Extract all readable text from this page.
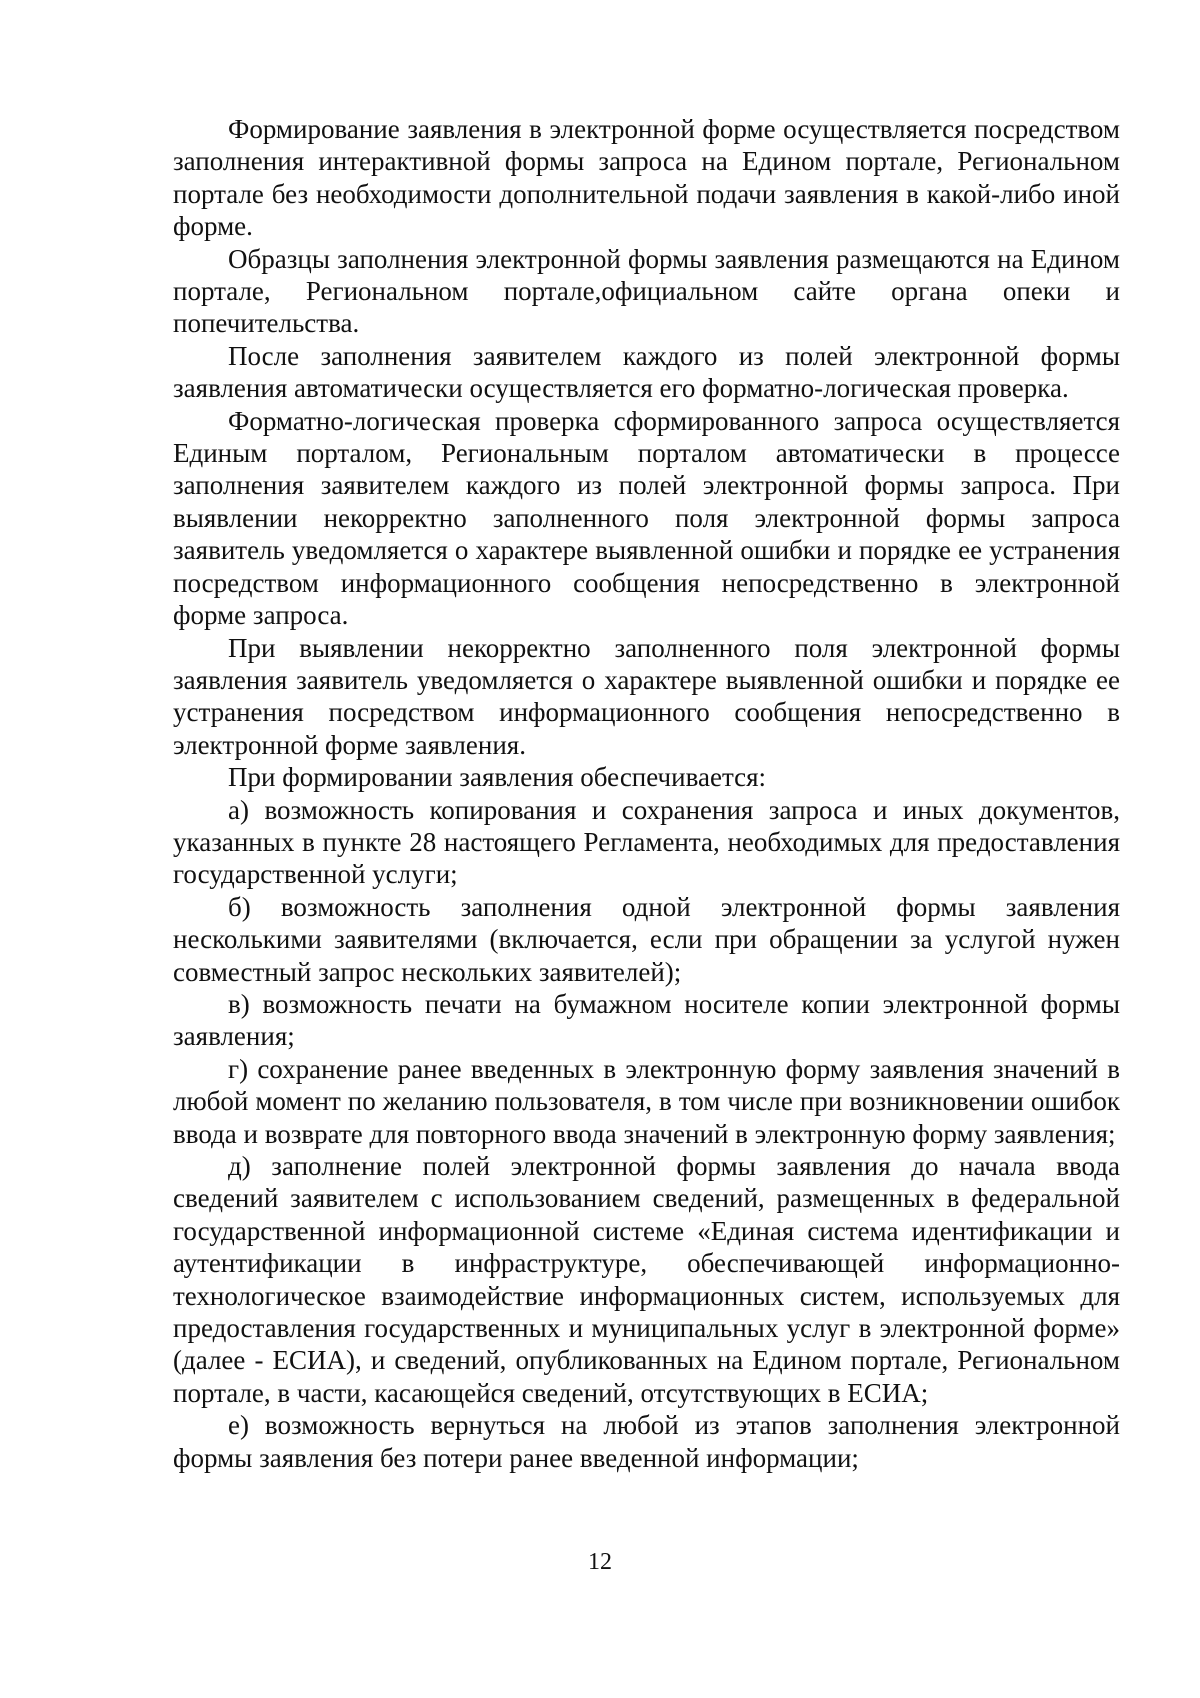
Формирование заявления в электронной форме осуществляется посредством заполнения интерактивной формы запроса на Едином портале, Региональном портале без необходимости дополнительной подачи заявления в какой-либо иной форме.

Образцы заполнения электронной формы заявления размещаются на Едином портале, Региональном портале,официальном сайте органа опеки и попечительства.

После заполнения заявителем каждого из полей электронной формы заявления автоматически осуществляется его форматно-логическая проверка.

Форматно-логическая проверка сформированного запроса осуществляется Единым порталом, Региональным порталом автоматически в процессе заполнения заявителем каждого из полей электронной формы запроса. При выявлении некорректно заполненного поля электронной формы запроса заявитель уведомляется о характере выявленной ошибки и порядке ее устранения посредством информационного сообщения непосредственно в электронной форме запроса.

При выявлении некорректно заполненного поля электронной формы заявления заявитель уведомляется о характере выявленной ошибки и порядке ее устранения посредством информационного сообщения непосредственно в электронной форме заявления.

При формировании заявления обеспечивается:

а) возможность копирования и сохранения запроса и иных документов, указанных в пункте 28 настоящего Регламента, необходимых для предоставления государственной услуги;

б) возможность заполнения одной электронной формы заявления несколькими заявителями (включается, если при обращении за услугой нужен совместный запрос нескольких заявителей);

в) возможность печати на бумажном носителе копии электронной формы заявления;

г) сохранение ранее введенных в электронную форму заявления значений в любой момент по желанию пользователя, в том числе при возникновении ошибок ввода и возврате для повторного ввода значений в электронную форму заявления;

д) заполнение полей электронной формы заявления до начала ввода сведений заявителем с использованием сведений, размещенных в федеральной государственной информационной системе «Единая система идентификации и аутентификации в инфраструктуре, обеспечивающей информационно-технологическое взаимодействие информационных систем, используемых для предоставления государственных и муниципальных услуг в электронной форме» (далее - ЕСИА), и сведений, опубликованных на Едином портале, Региональном портале, в части, касающейся сведений, отсутствующих в ЕСИА;

е) возможность вернуться на любой из этапов заполнения электронной формы заявления без потери ранее введенной информации;

12
